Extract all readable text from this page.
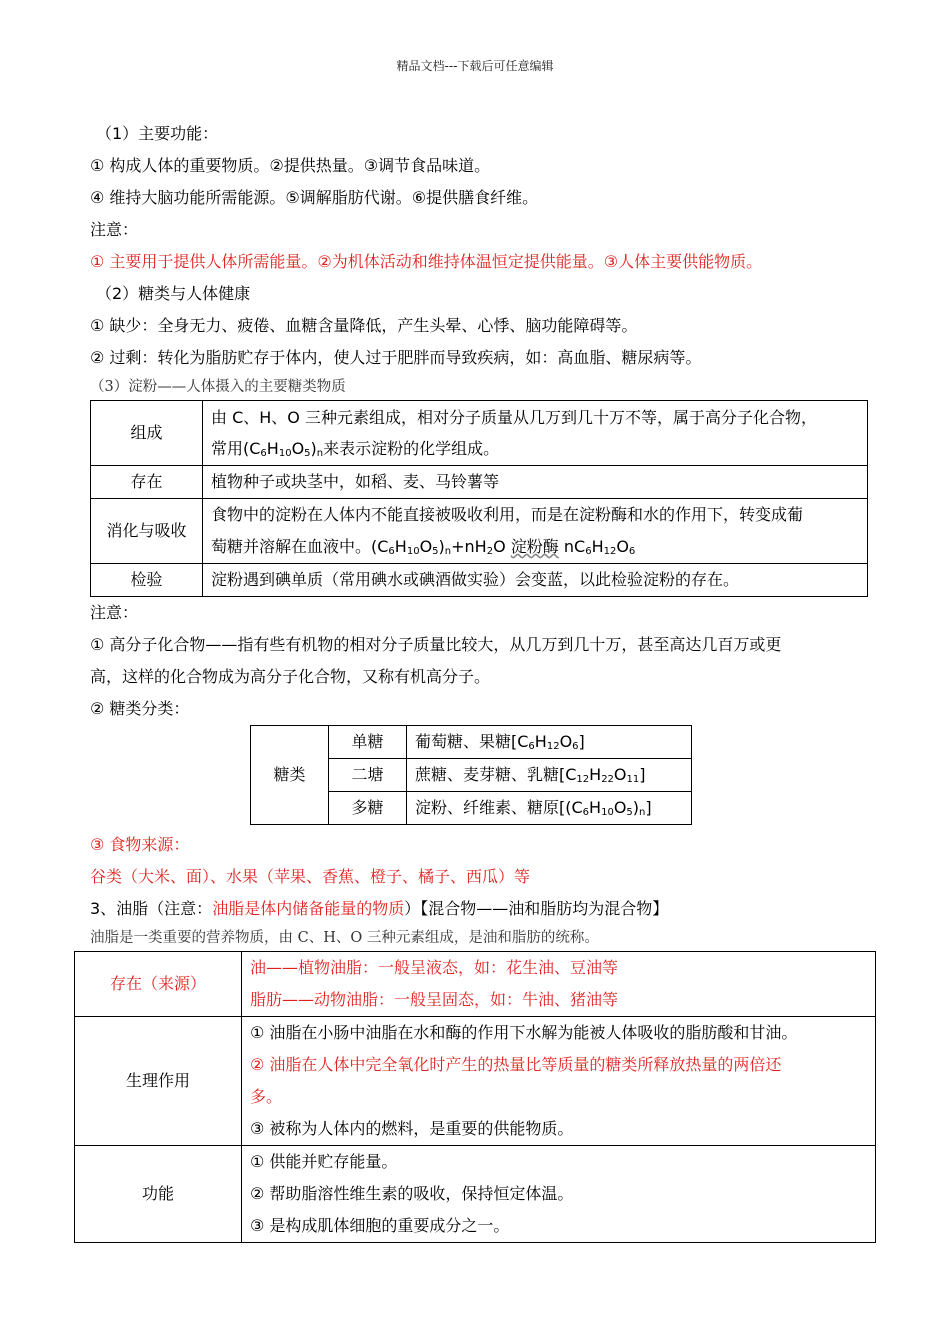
精品文档---下载后可任意编辑
（1）主要功能：
① 构成人体的重要物质。②提供热量。③调节食品味道。
④ 维持大脑功能所需能源。⑤调解脂肪代谢。⑥提供膳食纤维。
注意：
① 主要用于提供人体所需能量。②为机体活动和维持体温恒定提供能量。③人体主要供能物质。
（2）糖类与人体健康
① 缺少：全身无力、疲倦、血糖含量降低，产生头晕、心悸、脑功能障碍等。
② 过剩：转化为脂肪贮存于体内，使人过于肥胖而导致疾病，如：高血脂、糖尿病等。
（3）淀粉——人体摄入的主要糖类物质
组成	由 C、H、O 三种元素组成，相对分子质量从几万到几十万不等，属于高分子化合物，
常用$(C_6H_{10}O_5)_n$来表示淀粉的化学组成。

存在	植物种子或块茎中，如稻、麦、马铃薯等
消化与吸收	食物中的淀粉在人体内不能直接被吸收利用，而是在淀粉酶和水的作用下，转变成葡
萄糖并溶解在血液中。$(C_6H_{10}O_5)_n+nH_2O$ 淀粉酶 $nC_6H_{12}O_6$

检验	淀粉遇到碘单质（常用碘水或碘酒做实验）会变蓝，以此检验淀粉的存在。
注意：
① 高分子化合物——指有些有机物的相对分子质量比较大，从几万到几十万，甚至高达几百万或更
高，这样的化合物成为高分子化合物，又称有机高分子。
② 糖类分类：
糖类	单糖	葡萄糖、果糖$[C_6H_{12}O_6]$
	二塘	蔗糖、麦芽糖、乳糖$[C_{12}H_{22}O_{11}]$
	多糖	淀粉、纤维素、糖原$[(C_6H_{10}O_5)_n]$
③ 食物来源：
谷类（大米、面）、水果（苹果、香蕉、橙子、橘子、西瓜）等
3、油脂（注意：油脂是体内储备能量的物质）【混合物——油和脂肪均为混合物】
油脂是一类重要的营养物质，由 C、H、O 三种元素组成，是油和脂肪的统称。
存在（来源）	油——植物油脂：一般呈液态，如：花生油、豆油等
脂肪——动物油脂：一般呈固态，如：牛油、猪油等

生理作用	① 油脂在小肠中油脂在水和酶的作用下水解为能被人体吸收的脂肪酸和甘油。
② 油脂在人体中完全氧化时产生的热量比等质量的糖类所释放热量的两倍还
多。
③ 被称为人体内的燃料，是重要的供能物质。

功能	① 供能并贮存能量。
② 帮助脂溶性维生素的吸收，保持恒定体温。
③ 是构成肌体细胞的重要成分之一。
